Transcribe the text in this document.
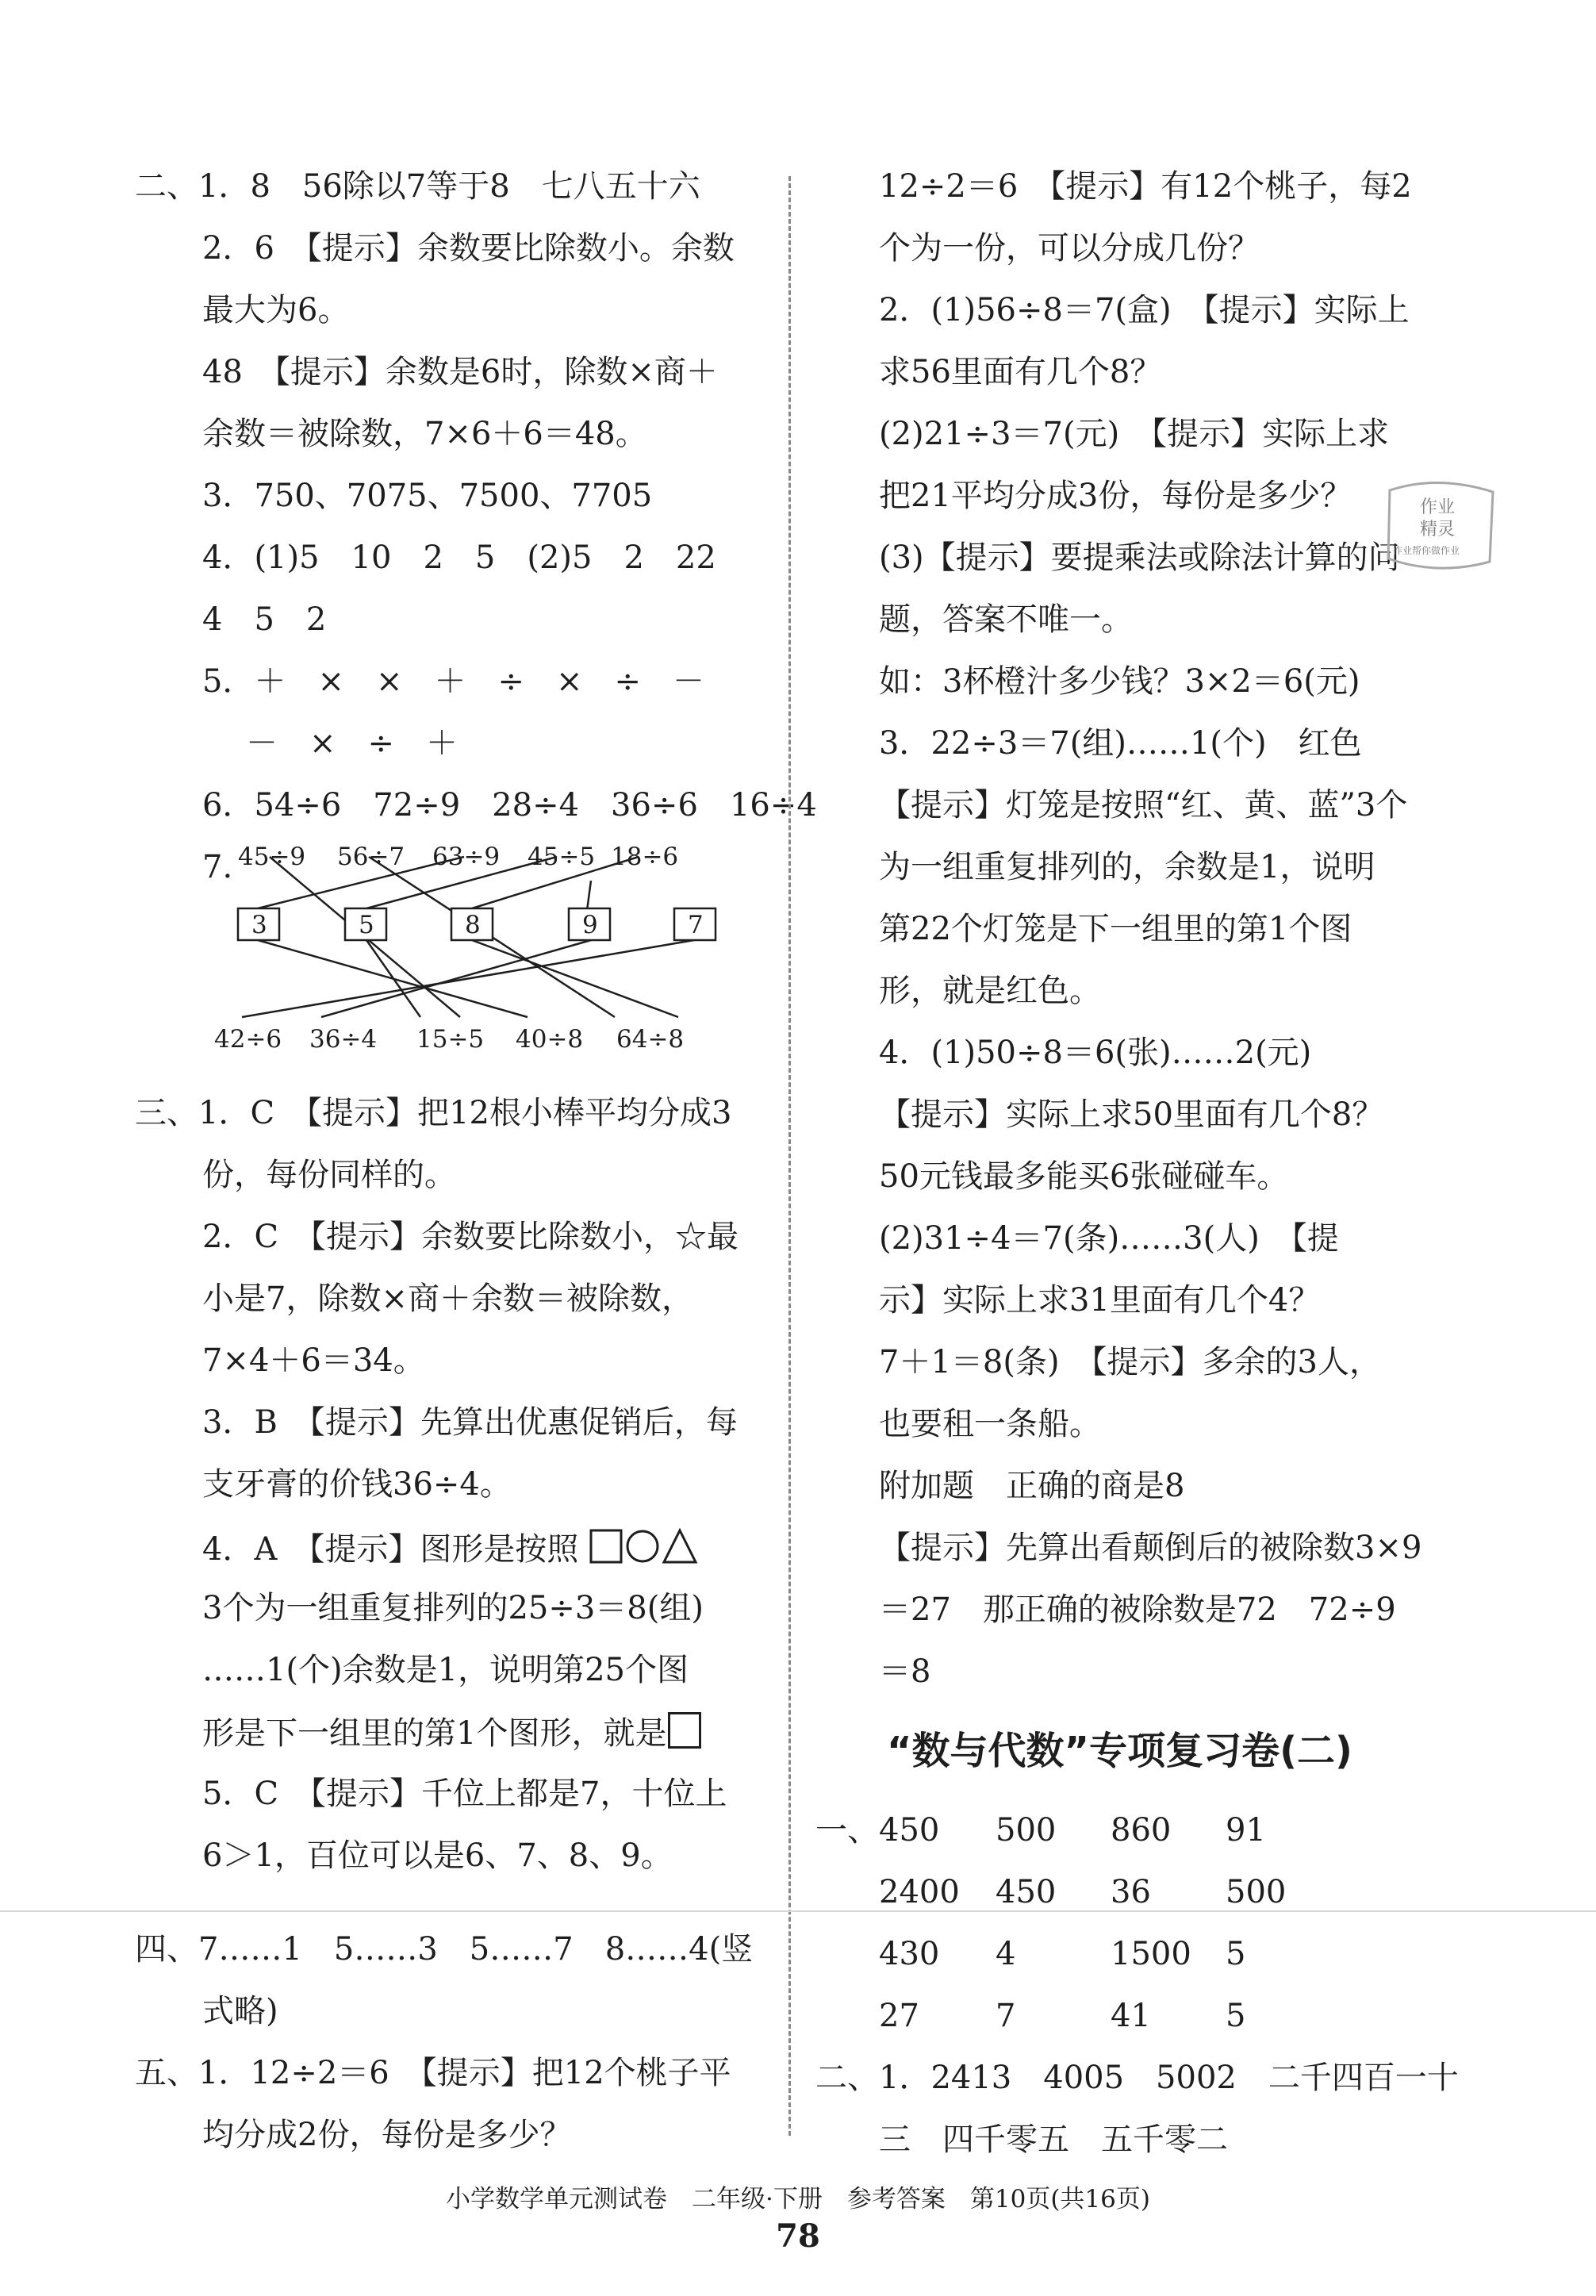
二、1．8　56除以7等于8　七八五十六
2．6　【提示】余数要比除数小。余数
最大为6。
48　【提示】余数是6时，除数×商＋
余数＝被除数，7×6＋6＝48。
3．750、7075、7500、7705
4．(1)5　10　2　5　(2)5　2　22
4　5　2
5．＋　×　×　＋　÷　×　÷　－
－　×　÷　＋
6．54÷6　72÷9　28÷4　36÷6　16÷4
7. 45÷9 56÷7 63÷9 45÷5 18÷6
3	5	8	9	7
42÷6 36÷4 15÷5 40÷8 64÷8
三、1．C　【提示】把12根小棒平均分成3
份，每份同样的。
2．C　【提示】余数要比除数小，☆最
小是7，除数×商＋余数＝被除数，
7×4＋6＝34。
3．B　【提示】先算出优惠促销后，每
支牙膏的价钱36÷4。
4．A　【提示】图形是按照
3个为一组重复排列的25÷3＝8(组)
……1(个)余数是1，说明第25个图
形是下一组里的第1个图形，就是
5．C　【提示】千位上都是7，十位上
6＞1，百位可以是6、7、8、9。
四、7……1　5……3　5……7　8……4(竖
式略)
五、1．12÷2＝6　【提示】把12个桃子平
均分成2份，每份是多少？
12÷2＝6　【提示】有12个桃子，每2
个为一份，可以分成几份？
2．(1)56÷8＝7(盒)　【提示】实际上
求56里面有几个8？
(2)21÷3＝7(元)　【提示】实际上求
把21平均分成3份，每份是多少？
(3)【提示】要提乘法或除法计算的问
题，答案不唯一。
如：3杯橙汁多少钱？3×2＝6(元)
3．22÷3＝7(组)……1(个)　红色
【提示】灯笼是按照“红、黄、蓝”3个
为一组重复排列的，余数是1，说明
第22个灯笼是下一组里的第1个图
形，就是红色。
4．(1)50÷8＝6(张)……2(元)
【提示】实际上求50里面有几个8？
50元钱最多能买6张碰碰车。
(2)31÷4＝7(条)……3(人)　【提
示】实际上求31里面有几个4？
7＋1＝8(条)　【提示】多余的3人，
也要租一条船。
附加题　正确的商是8
【提示】先算出看颠倒后的被除数3×9
＝27　那正确的被除数是72　72÷9
＝8
“数与代数”专项复习卷(二)
一、 450 500 860 91
2400 450 36 500
430 4	1500 5
27 7	41 5
二、1．2413　4005　5002　二千四百一十
三　四千零五　五千零二
作业
精灵
作业帮你做作业
小学数学单元测试卷　二年级·下册　参考答案　第10页(共16页)
78
